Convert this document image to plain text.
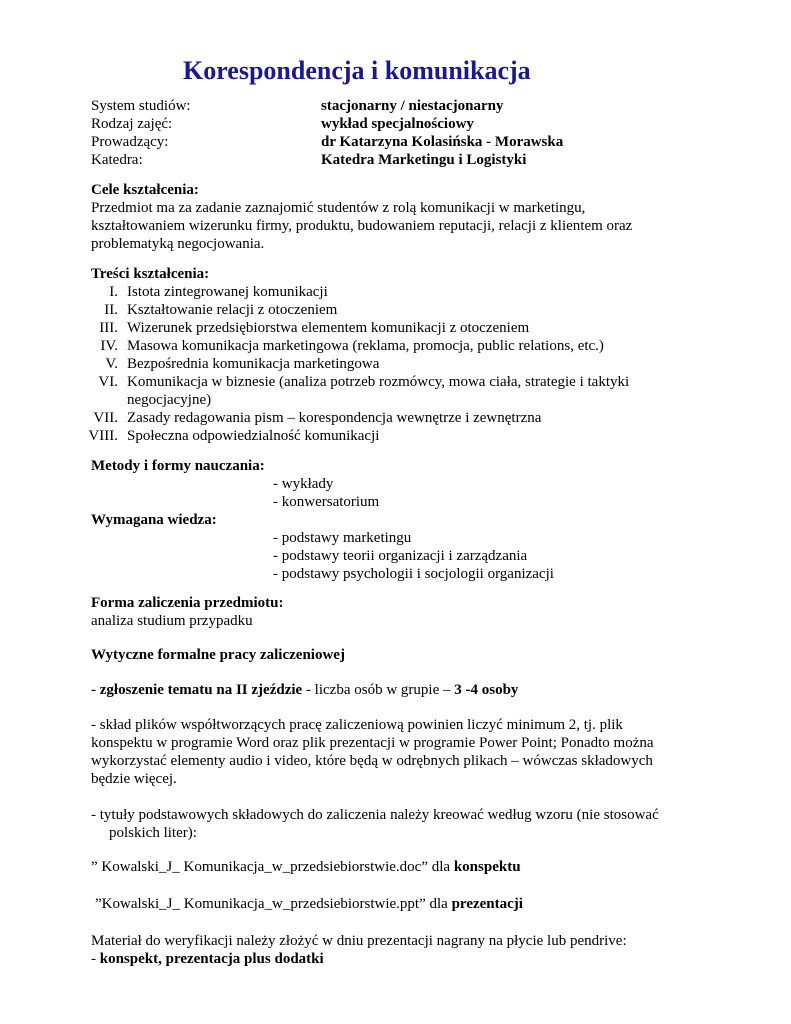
Korespondencja i komunikacja
System studiów:	stacjonarny / niestacjonarny
Rodzaj zajęć:	wykład specjalnościowy
Prowadzący:	dr Katarzyna Kolasińska - Morawska
Katedra:	Katedra Marketingu i Logistyki
Cele kształcenia:
Przedmiot ma za zadanie zaznajomić studentów z rolą komunikacji w marketingu,
kształtowaniem wizerunku firmy, produktu, budowaniem reputacji, relacji z klientem oraz
problematyką negocjowania.
Treści kształcenia:
I. Istota zintegrowanej komunikacji
II. Kształtowanie relacji z otoczeniem
III. Wizerunek przedsiębiorstwa elementem komunikacji z otoczeniem
IV. Masowa komunikacja marketingowa (reklama, promocja, public relations, etc.)
V. Bezpośrednia komunikacja marketingowa
VI. Komunikacja w biznesie (analiza potrzeb rozmówcy, mowa ciała, strategie i taktyki
negocjacyjne)
VII. Zasady redagowania pism – korespondencja wewnętrze i zewnętrzna
VIII. Społeczna odpowiedzialność komunikacji
Metody i formy nauczania:
- wykłady
- konwersatorium
Wymagana wiedza:
- podstawy marketingu
- podstawy teorii organizacji i zarządzania
- podstawy psychologii i socjologii organizacji
Forma zaliczenia przedmiotu:
analiza studium przypadku
Wytyczne formalne pracy zaliczeniowej
- zgłoszenie tematu na II zjeździe - liczba osób w grupie – 3 -4 osoby
- skład plików współtworzących pracę zaliczeniową powinien liczyć minimum 2, tj. plik
konspektu w programie Word oraz plik prezentacji w programie Power Point; Ponadto można
wykorzystać elementy audio i video, które będą w odrębnych plikach – wówczas składowych
będzie więcej.
- tytuły podstawowych składowych do zaliczenia należy kreować według wzoru (nie stosować
polskich liter):
” Kowalski_J_ Komunikacja_w_przedsiebiorstwie.doc” dla konspektu
”Kowalski_J_ Komunikacja_w_przedsiebiorstwie.ppt” dla prezentacji
Materiał do weryfikacji należy złożyć w dniu prezentacji nagrany na płycie lub pendrive:
- konspekt, prezentacja plus dodatki
